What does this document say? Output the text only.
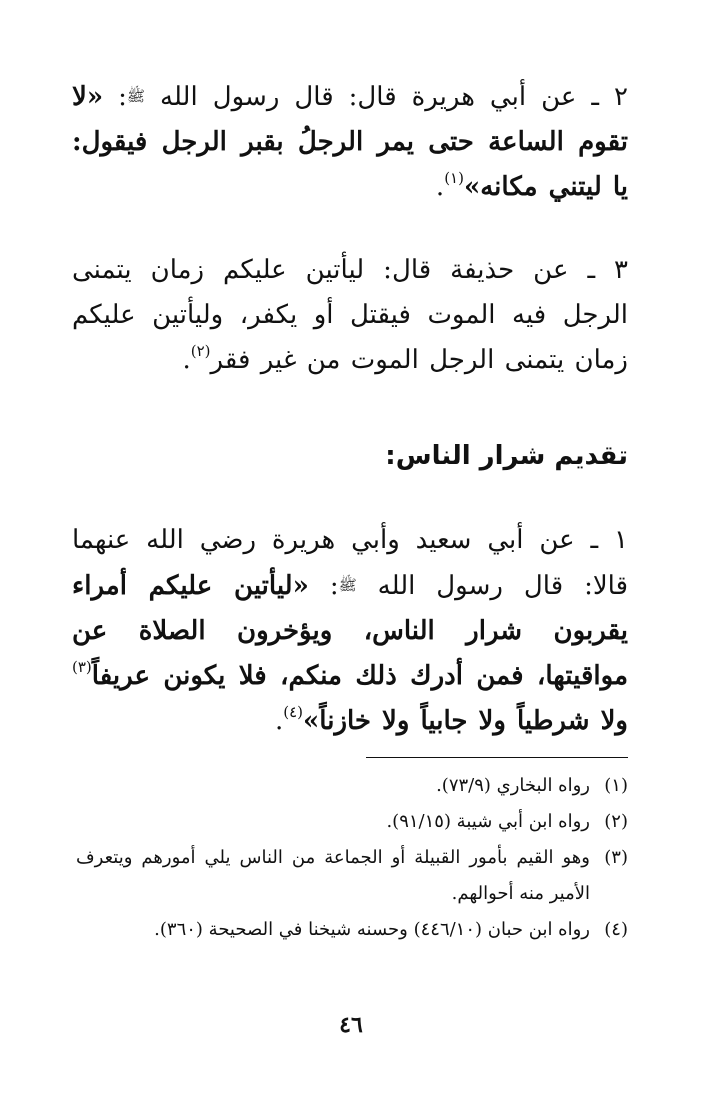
٢ ـ عن أبي هريرة قال: قال رسول الله ﷺ: «لا تقوم الساعة حتى يمر الرجلُ بقبر الرجل فيقول: يا ليتني مكانه»$^{(١)}$.
٣ ـ عن حذيفة قال: ليأتين عليكم زمان يتمنى الرجل فيه الموت فيقتل أو يكفر، وليأتين عليكم زمان يتمنى الرجل الموت من غير فقر$^{(٢)}$.
تقديم شرار الناس:
١ ـ عن أبي سعيد وأبي هريرة رضي الله عنهما قالا: قال رسول الله ﷺ: «ليأتين عليكم أمراء يقربون شرار الناس، ويؤخرون الصلاة عن مواقيتها، فمن أدرك ذلك منكم، فلا يكونن عريفاً$^{(٣)}$ ولا شرطياً ولا جابياً ولا خازناً»$^{(٤)}$.
(١)
رواه البخاري (٧٣/٩).
(٢)
رواه ابن أبي شيبة (٩١/١٥).
(٣)
وهو القيم بأمور القبيلة أو الجماعة من الناس يلي أمورهم ويتعرف الأمير منه أحوالهم.
(٤)
رواه ابن حبان (٤٤٦/١٠) وحسنه شيخنا في الصحيحة (٣٦٠).
٤٦
